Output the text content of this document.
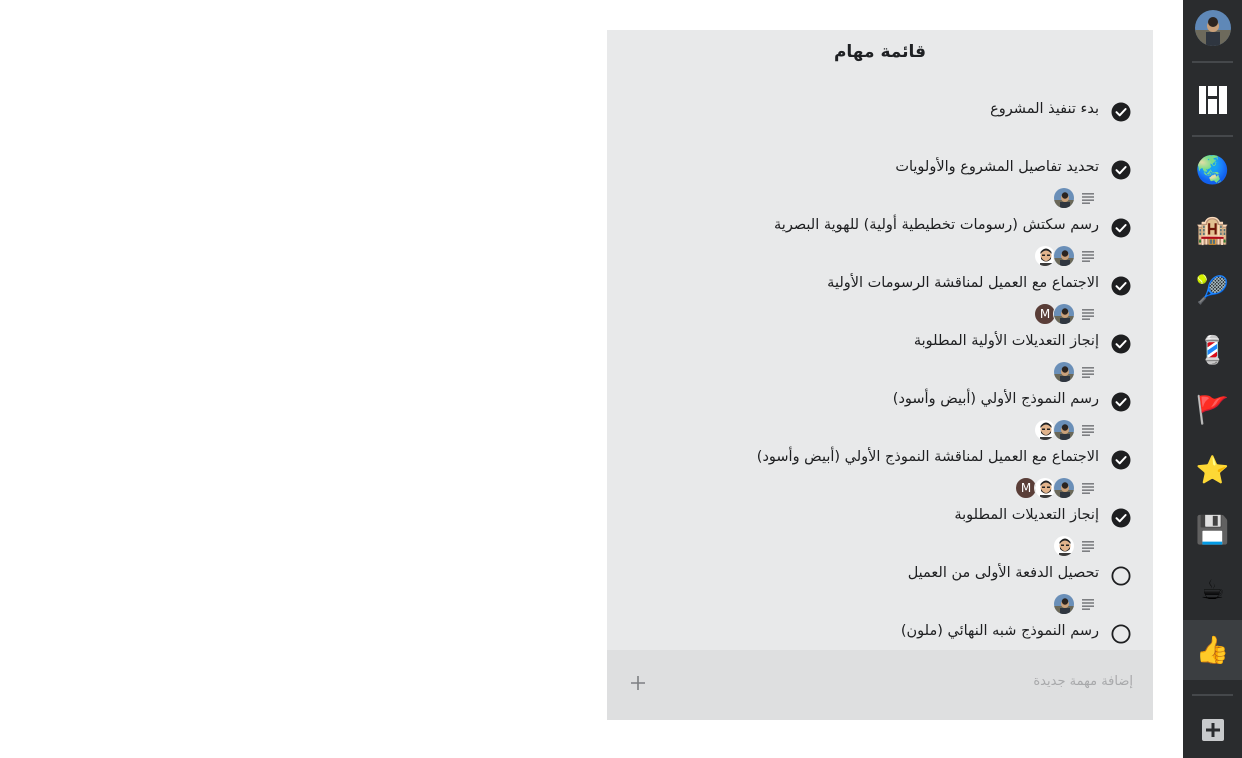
قائمة مهام
بدء تنفيذ المشروع
تحديد تفاصيل المشروع والأولويات
رسم سكتش (رسومات تخطيطية أولية) للهوية البصرية
الاجتماع مع العميل لمناقشة الرسومات الأولية
M
إنجاز التعديلات الأولية المطلوبة
رسم النموذج الأولي (أبيض وأسود)
الاجتماع مع العميل لمناقشة النموذج الأولي (أبيض وأسود)
M
إنجاز التعديلات المطلوبة
تحصيل الدفعة الأولى من العميل
رسم النموذج شبه النهائي (ملون)
إضافة مهمة جديدة
🌏
🏨
🎾
💈
🚩
⭐
💾
☕
👍
